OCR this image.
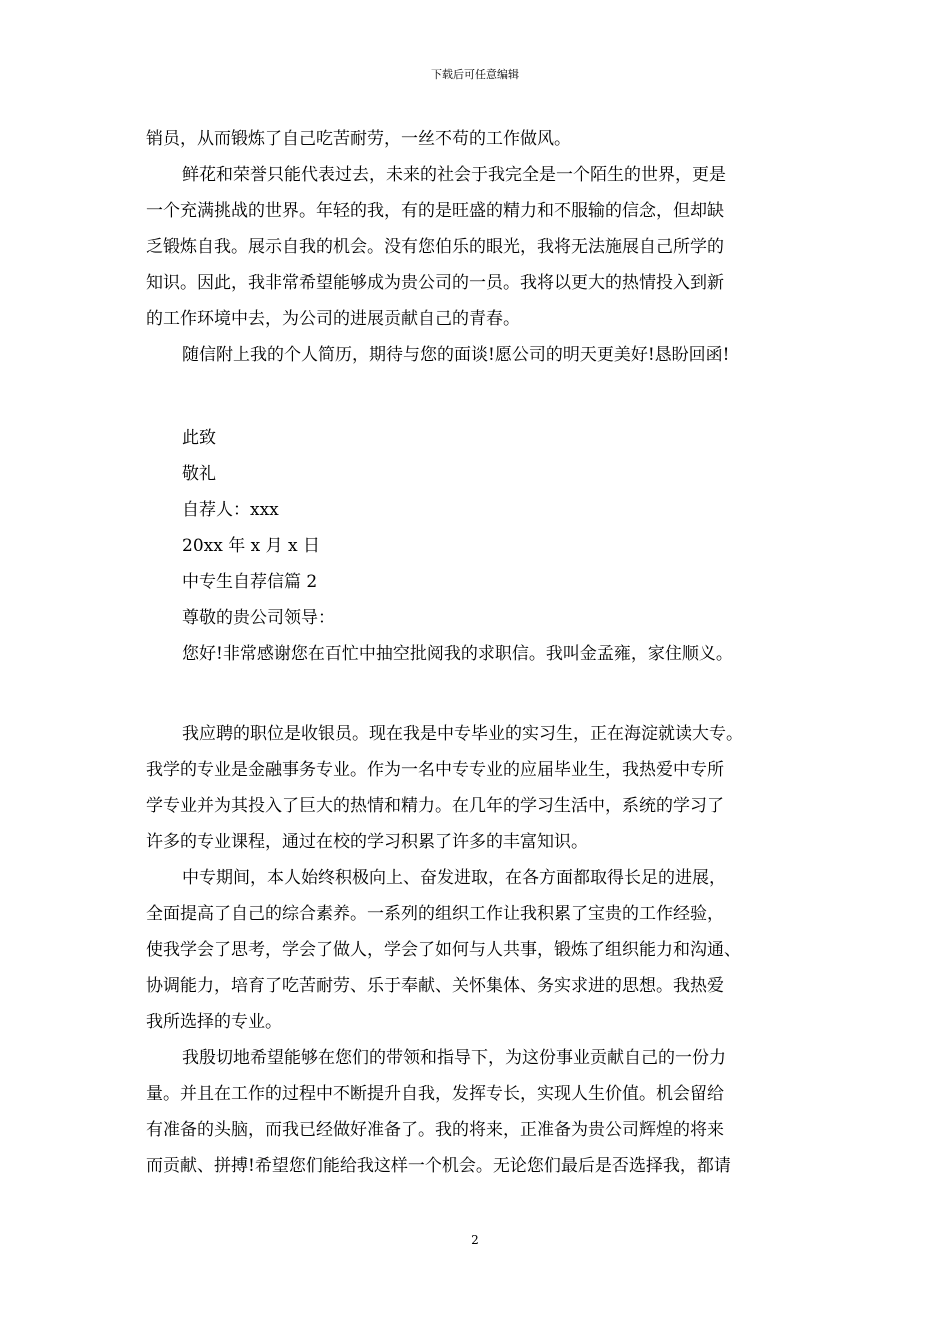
下载后可任意编辑
销员，从而锻炼了自己吃苦耐劳，一丝不苟的工作做风。
鲜花和荣誉只能代表过去，未来的社会于我完全是一个陌生的世界，更是
一个充满挑战的世界。年轻的我，有的是旺盛的精力和不服输的信念，但却缺
乏锻炼自我。展示自我的机会。没有您伯乐的眼光，我将无法施展自己所学的
知识。因此，我非常希望能够成为贵公司的一员。我将以更大的热情投入到新
的工作环境中去，为公司的进展贡献自己的青春。
随信附上我的个人简历，期待与您的面谈!愿公司的明天更美好!恳盼回函!
此致
敬礼
自荐人：xxx
20xx 年 x 月 x 日
中专生自荐信篇 2
尊敬的贵公司领导：
您好!非常感谢您在百忙中抽空批阅我的求职信。我叫金孟雍，家住顺义。
我应聘的职位是收银员。现在我是中专毕业的实习生，正在海淀就读大专。
我学的专业是金融事务专业。作为一名中专专业的应届毕业生，我热爱中专所
学专业并为其投入了巨大的热情和精力。在几年的学习生活中，系统的学习了
许多的专业课程，通过在校的学习积累了许多的丰富知识。
中专期间，本人始终积极向上、奋发进取，在各方面都取得长足的进展，
全面提高了自己的综合素养。一系列的组织工作让我积累了宝贵的工作经验，
使我学会了思考，学会了做人，学会了如何与人共事，锻炼了组织能力和沟通、
协调能力，培育了吃苦耐劳、乐于奉献、关怀集体、务实求进的思想。我热爱
我所选择的专业。
我殷切地希望能够在您们的带领和指导下，为这份事业贡献自己的一份力
量。并且在工作的过程中不断提升自我，发挥专长，实现人生价值。机会留给
有准备的头脑，而我已经做好准备了。我的将来，正准备为贵公司辉煌的将来
而贡献、拼搏!希望您们能给我这样一个机会。无论您们最后是否选择我，都请
2
